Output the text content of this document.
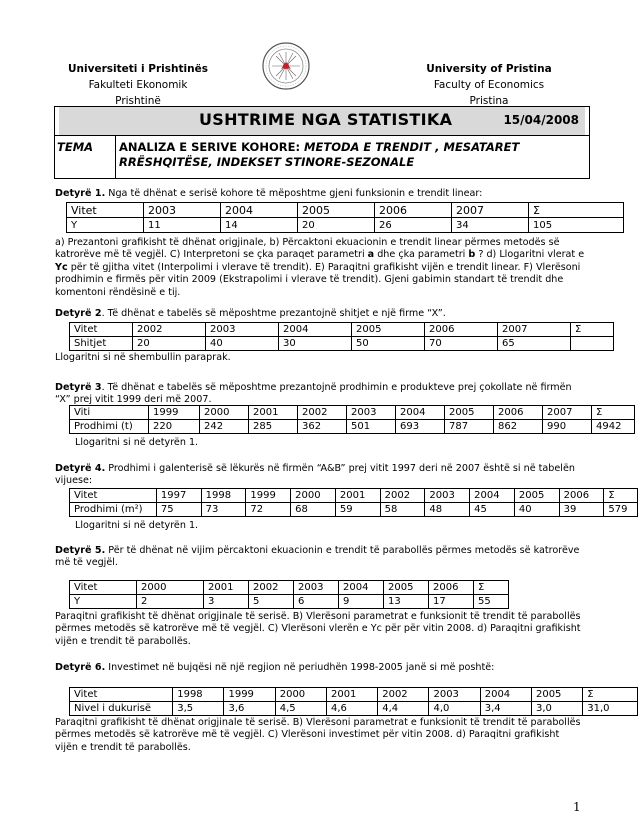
Universiteti i Prishtinës
Fakulteti Ekonomik
Prishtinë
University of Pristina
Faculty of Economics
Pristina
USHTRIME NGA STATISTIKA	15/04/2008
TEMA ANALIZA E SERIVE KOHORE: METODA E TRENDIT , MESATARET
RRËSHQITËSE, INDEKSET STINORE-SEZONALE
Detyrë 1. Nga të dhënat e serisë kohore të mëposhtme gjeni funksionin e trendit linear:
Vitet	2003	2004	2005	2006	2007	Σ
Y	11	14	20	26	34	105
a) Prezantoni grafikisht të dhënat origjinale, b) Përcaktoni ekuacionin e trendit linear përmes metodës së katrorëve më të vegjël. C) Interpretoni se çka paraqet parametri a dhe çka parametri b ? d) Llogaritni vlerat e Yc për të gjitha vitet (Interpolimi i vlerave të trendit). E) Paraqitni grafikisht vijën e trendit linear. F) Vlerësoni prodhimin e firmës për vitin 2009 (Ekstrapolimi i vlerave të trendit). Gjeni gabimin standart të trendit dhe komentoni rëndësinë e tij.
Detyrë 2. Të dhënat e tabelës së mëposhtme prezantojnë shitjet e një firme “X”.
Vitet	2002	2003	2004	2005	2006	2007	Σ
Shitjet	20	40	30	50	70	65	
Llogaritni si në shembullin paraprak.
Detyrë 3. Të dhënat e tabelës së mëposhtme prezantojnë prodhimin e produkteve prej çokollate në firmën “X” prej vitit 1999 deri më 2007.
Viti	1999	2000	2001	2002	2003	2004	2005	2006	2007	Σ
Prodhimi (t)	220	242	285	362	501	693	787	862	990	4942
Llogaritni si në detyrën 1.
Detyrë 4. Prodhimi i galenterisë së lëkurës në firmën “A&B” prej vitit 1997 deri në 2007 është si në tabelën vijuese:
Vitet	1997	1998	1999	2000	2001	2002	2003	2004	2005	2006	Σ
Prodhimi (m²)	75	73	72	68	59	58	48	45	40	39	579
Llogaritni si në detyrën 1.
Detyrë 5. Për të dhënat në vijim përcaktoni ekuacionin e trendit të parabollës përmes metodës së katrorëve më të vegjël.
Vitet	2000	2001	2002	2003	2004	2005	2006	Σ
Y	2	3	5	6	9	13	17	55
Paraqitni grafikisht të dhënat origjinale të serisë. B) Vlerësoni parametrat e funksionit të trendit të parabollës përmes metodës së katrorëve më të vegjël. C) Vlerësoni vlerën e Yc për për vitin 2008. d) Paraqitni grafikisht vijën e trendit të parabollës.
Detyrë 6. Investimet në bujqësi në një regjion në periudhën 1998-2005 janë si më poshtë:
Vitet	1998	1999	2000	2001	2002	2003	2004	2005	Σ
Nivel i dukurisë	3,5	3,6	4,5	4,6	4,4	4,0	3,4	3,0	31,0
Paraqitni grafikisht të dhënat origjinale të serisë. B) Vlerësoni parametrat e funksionit të trendit të parabollës përmes metodës së katrorëve më të vegjël. C) Vlerësoni investimet për vitin 2008. d) Paraqitni grafikisht vijën e trendit të parabollës.
1
